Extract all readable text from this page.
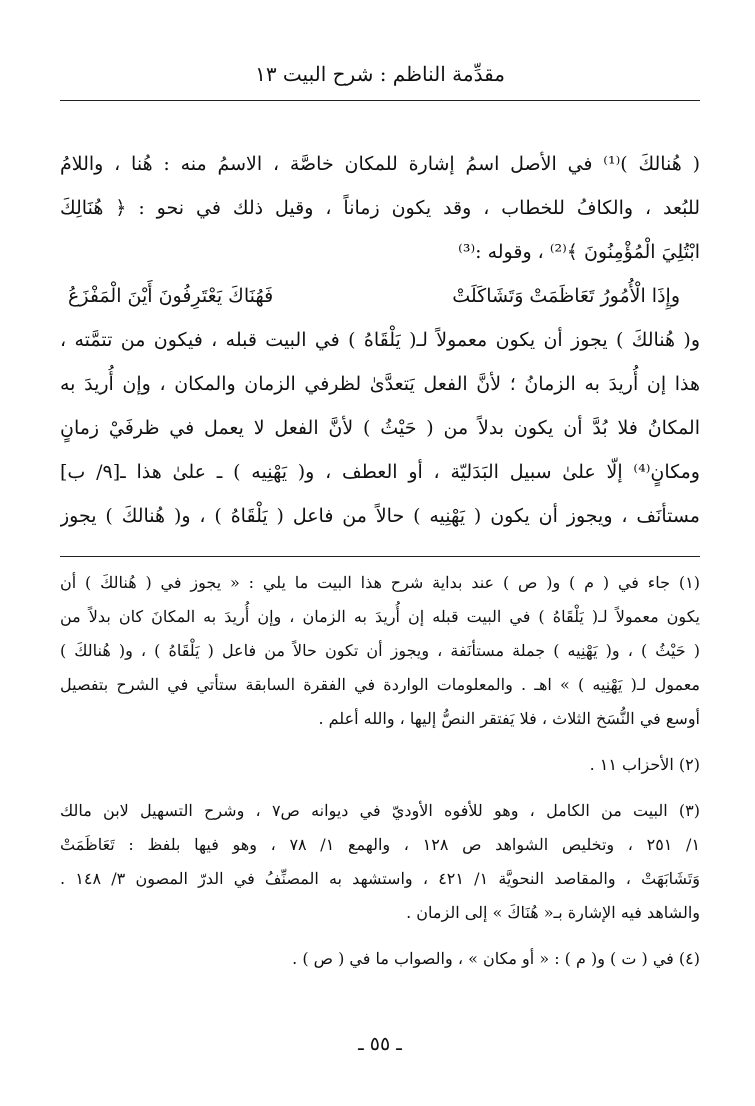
مقدِّمة الناظم : شرح البيت ١٣
( هُنالكَ )⁽¹⁾ في الأصل اسمُ إشارة للمكان خاصَّة ، الاسمُ منه : هُنا ، واللامُ
للبُعد ، والكافُ للخطاب ، وقد يكون زماناً ، وقيل ذلك في نحو : ﴿ هُنَالِكَ
ابْتُلِيَ الْمُؤْمِنُونَ ﴾⁽²⁾ ، وقوله :⁽³⁾
وإِذَا الْأُمُورُ تَعَاظَمَتْ وَتَشَاكَلَتْ
فَهُنَاكَ يَعْتَرِفُونَ أَيْنَ الْمَفْزَعُ
و( هُنالكَ ) يجوز أن يكون معمولاً لـ( يَلْقَاهُ ) في البيت قبله ، فيكون من تتمَّته ،
هذا إن أُريدَ به الزمانُ ؛ لأنَّ الفعل يَتعدَّىٰ لظرفي الزمان والمكان ، وإن أُريدَ به
المكانُ فلا بُدَّ أن يكون بدلاً من ( حَيْثُ ) لأنَّ الفعل لا يعمل في ظرفَيْ زمانٍ
ومكانٍ⁽⁴⁾ إلّا علىٰ سبيل البَدَليّة ، أو العطف ، و( يَهْنِيه ) ـ علىٰ هذا ـ[٩/ ب]
مستأنَف ، ويجوز أن يكون ( يَهْنِيه ) حالاً من فاعل ( يَلْقَاهُ ) ، و( هُنالكَ ) يجوز
(١) جاء في ( م ) و( ص ) عند بداية شرح هذا البيت ما يلي : « يجوز في ( هُنالكَ ) أن
يكون معمولاً لـ( يَلْقَاهُ ) في البيت قبله إن أُريدَ به الزمان ، وإن أُريدَ به المكانَ كان بدلاً من
( حَيْثُ ) ، و( يَهْنِيه ) جملة مستأنَفة ، ويجوز أن تكون حالاً من فاعل ( يَلْقَاهُ ) ، و( هُنالكَ )
معمول لـ( يَهْنِيه ) » اهـ . والمعلومات الواردة في الفقرة السابقة ستأتي في الشرح بتفصيل
أوسع في النُّسَخ الثلاث ، فلا يَفتقر النصُّ إليها ، والله أعلم .
(٢) الأحزاب ١١ .
(٣) البيت من الكامل ، وهو للأفوه الأوديّ في ديوانه ص٧ ، وشرح التسهيل لابن مالك
١/ ٢٥١ ، وتخليص الشواهد ص ١٢٨ ، والهمع ١/ ٧٨ ، وهو فيها بلفظ : تَعَاظَمَتْ
وَتَشَابَهَتْ ، والمقاصد النحويَّة ١/ ٤٢١ ، واستشهد به المصنِّفُ في الدرّ المصون ٣/ ١٤٨ .
والشاهد فيه الإشارة بـ« هُنَاكَ » إلى الزمان .
(٤) في ( ت ) و( م ) : « أو مكان » ، والصواب ما في ( ص ) .
ـ ٥٥ ـ
